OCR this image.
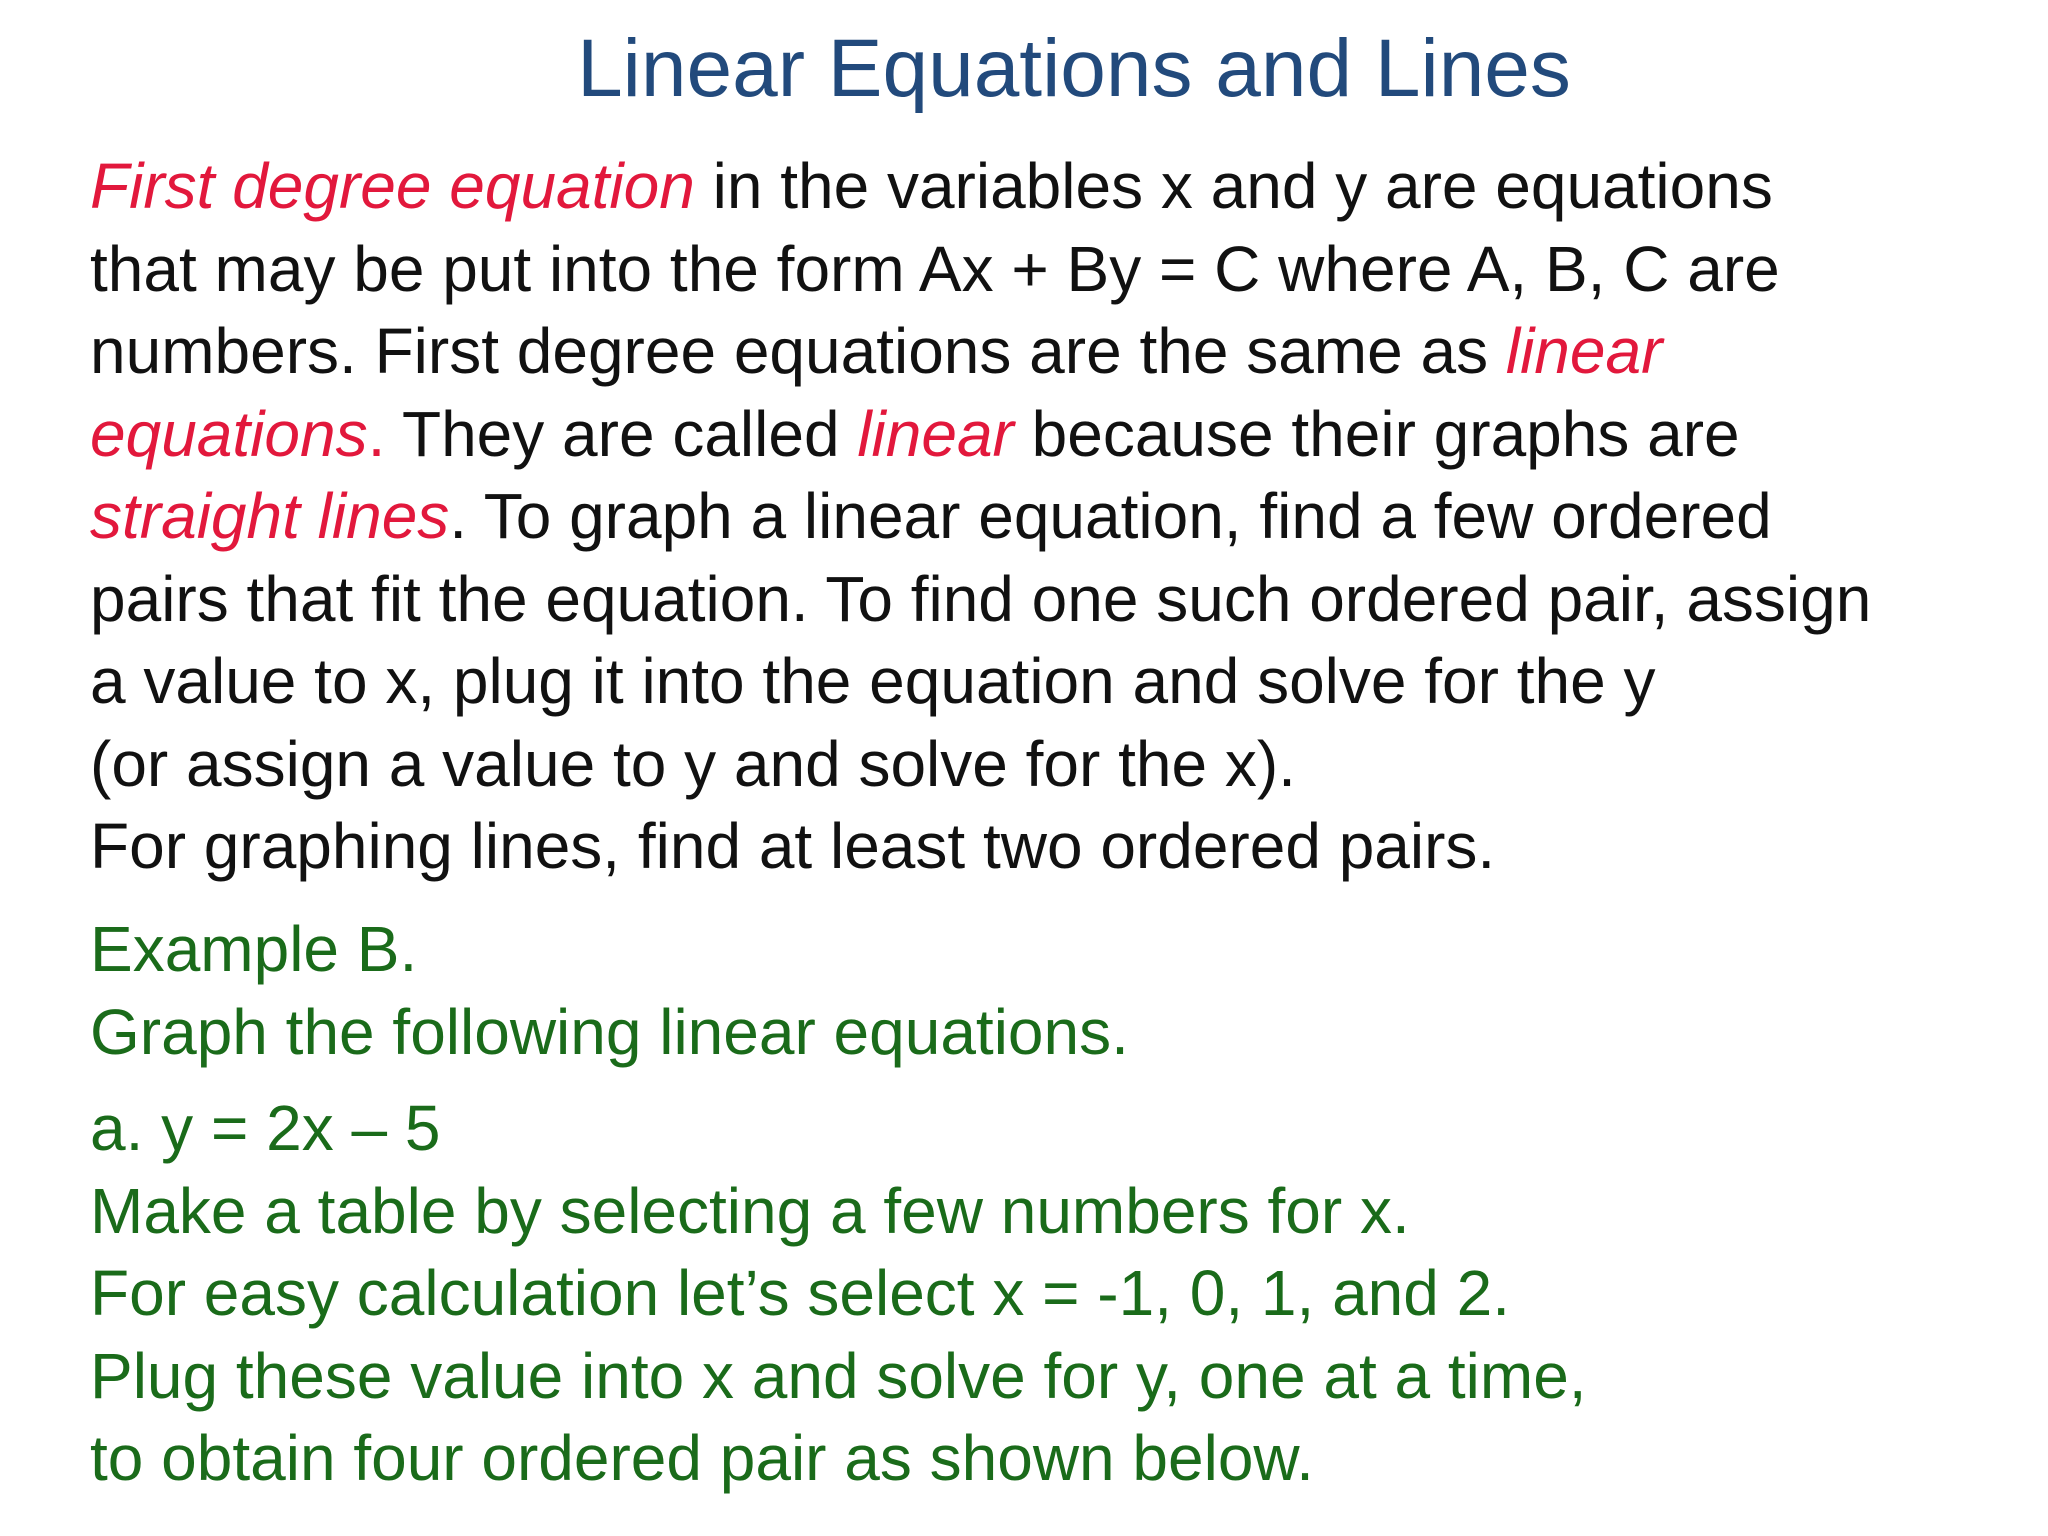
Linear Equations and Lines
First degree equation in the variables x and y are equations
that may be put into the form Ax + By = C where A, B, C are
numbers. First degree equations are the same as linear
equations. They are called linear because their graphs are
straight lines. To graph a linear equation, find a few ordered
pairs that fit the equation. To find one such ordered pair, assign
a value to x, plug it into the equation and solve for the y
(or assign a value to y and solve for the x).
For graphing lines, find at least two ordered pairs.
Example B.
Graph the following linear equations.
a. y = 2x – 5
Make a table by selecting a few numbers for x.
For easy calculation let’s select x = -1, 0, 1, and 2.
Plug these value into x and solve for y, one at a time,
to obtain four ordered pair as shown below.
